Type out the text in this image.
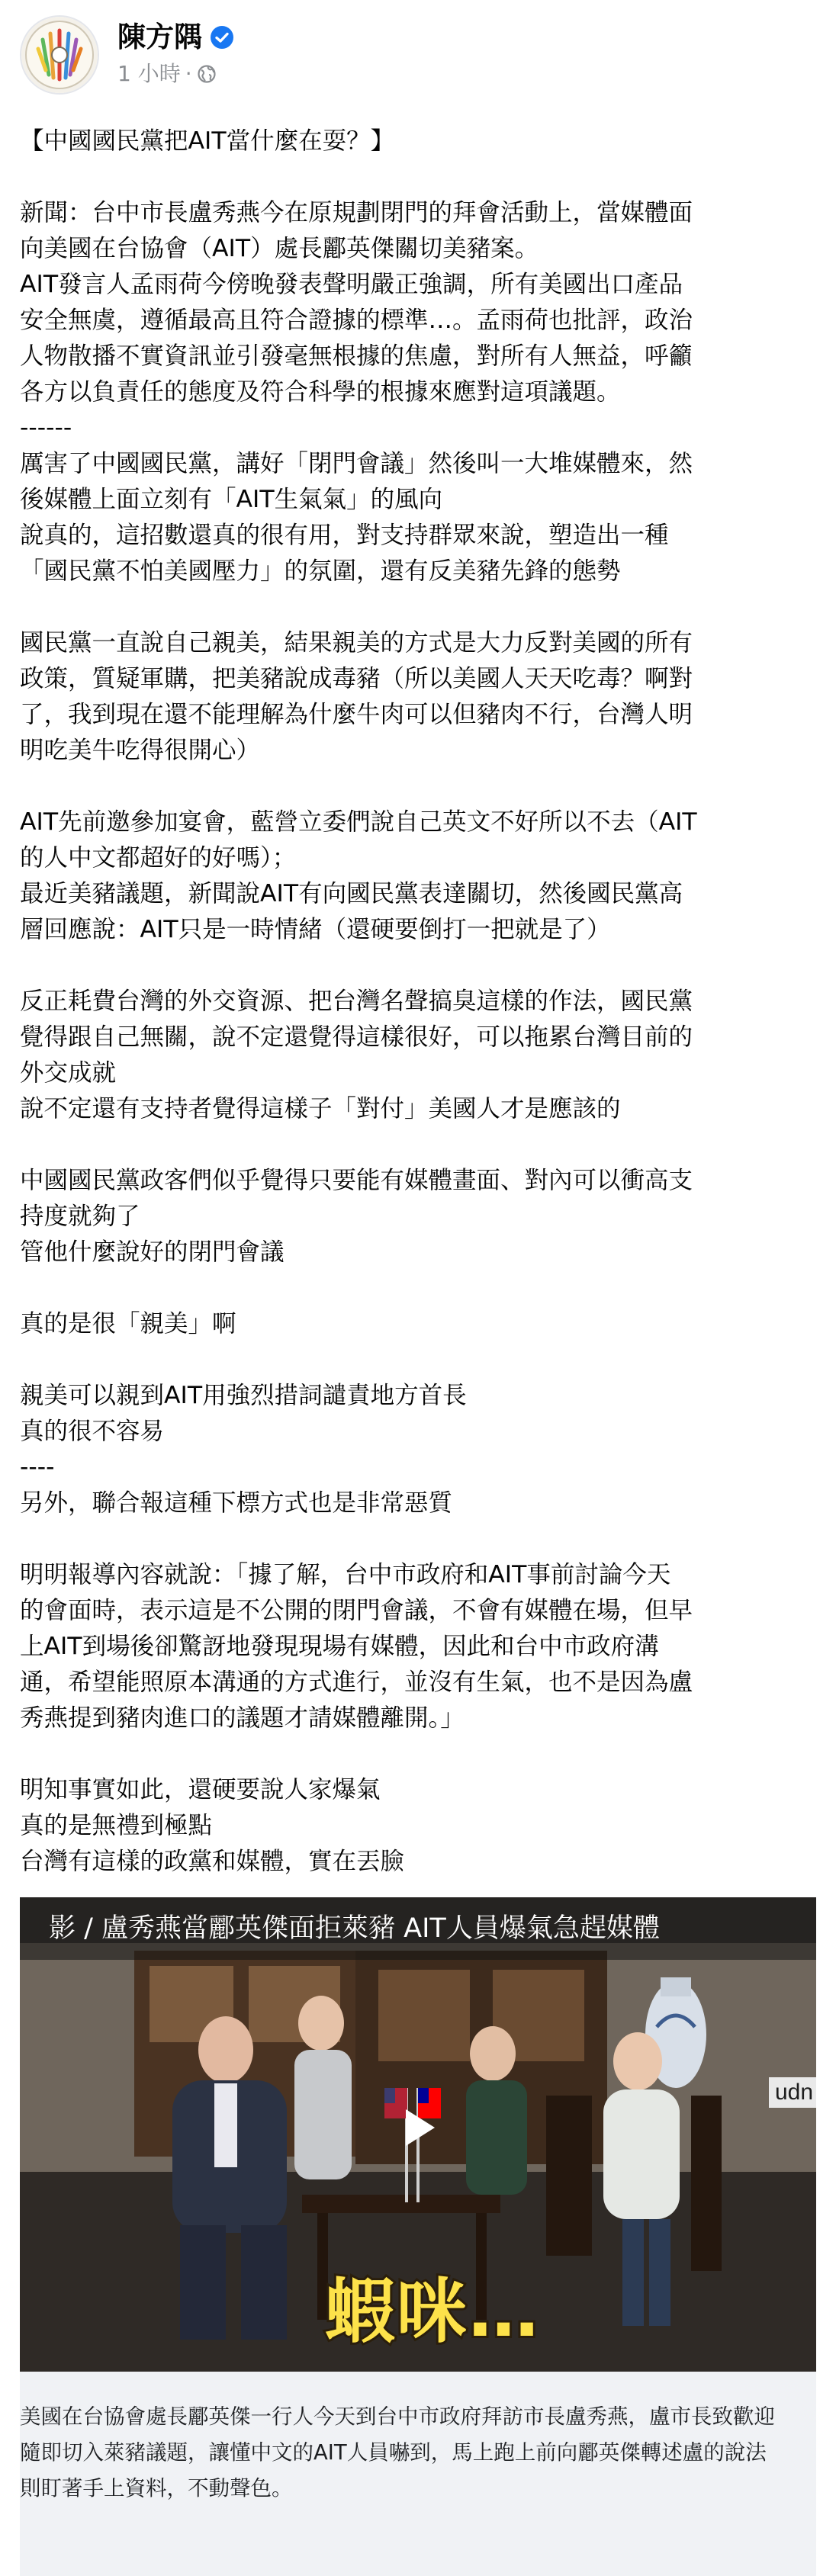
陳方隅
1 小時 ·
【中國國民黨把AIT當什麼在耍？】
新聞：台中市長盧秀燕今在原規劃閉門的拜會活動上，當媒體面
向美國在台協會（AIT）處長酈英傑關切美豬案。
AIT發言人孟雨荷今傍晚發表聲明嚴正強調，所有美國出口產品
安全無虞，遵循最高且符合證據的標準…。孟雨荷也批評，政治
人物散播不實資訊並引發毫無根據的焦慮，對所有人無益，呼籲
各方以負責任的態度及符合科學的根據來應對這項議題。
------
厲害了中國國民黨，講好「閉門會議」然後叫一大堆媒體來，然
後媒體上面立刻有「AIT生氣氣」的風向
說真的，這招數還真的很有用，對支持群眾來說，塑造出一種
「國民黨不怕美國壓力」的氛圍，還有反美豬先鋒的態勢
國民黨一直說自己親美，結果親美的方式是大力反對美國的所有
政策，質疑軍購，把美豬說成毒豬（所以美國人天天吃毒？啊對
了，我到現在還不能理解為什麼牛肉可以但豬肉不行，台灣人明
明吃美牛吃得很開心）
AIT先前邀參加宴會，藍營立委們說自己英文不好所以不去（AIT
的人中文都超好的好嗎）；
最近美豬議題，新聞說AIT有向國民黨表達關切，然後國民黨高
層回應說：AIT只是一時情緒（還硬要倒打一把就是了）
反正耗費台灣的外交資源、把台灣名聲搞臭這樣的作法，國民黨
覺得跟自己無關，說不定還覺得這樣很好，可以拖累台灣目前的
外交成就
說不定還有支持者覺得這樣子「對付」美國人才是應該的
中國國民黨政客們似乎覺得只要能有媒體畫面、對內可以衝高支
持度就夠了
管他什麼說好的閉門會議
真的是很「親美」啊
親美可以親到AIT用強烈措詞譴責地方首長
真的很不容易
----
另外，聯合報這種下標方式也是非常惡質
明明報導內容就說：「據了解，台中市政府和AIT事前討論今天
的會面時，表示這是不公開的閉門會議，不會有媒體在場，但早
上AIT到場後卻驚訝地發現現場有媒體，因此和台中市政府溝
通，希望能照原本溝通的方式進行，並沒有生氣，也不是因為盧
秀燕提到豬肉進口的議題才請媒體離開。」
明知事實如此，還硬要說人家爆氣
真的是無禮到極點
台灣有這樣的政黨和媒體，實在丟臉
影 / 盧秀燕當酈英傑面拒萊豬 AIT人員爆氣急趕媒體
udn
蝦咪…
美國在台協會處長酈英傑一行人今天到台中市政府拜訪市長盧秀燕，盧市長致歡迎
隨即切入萊豬議題，讓懂中文的AIT人員嚇到，馬上跑上前向酈英傑轉述盧的說法
則盯著手上資料，不動聲色。
